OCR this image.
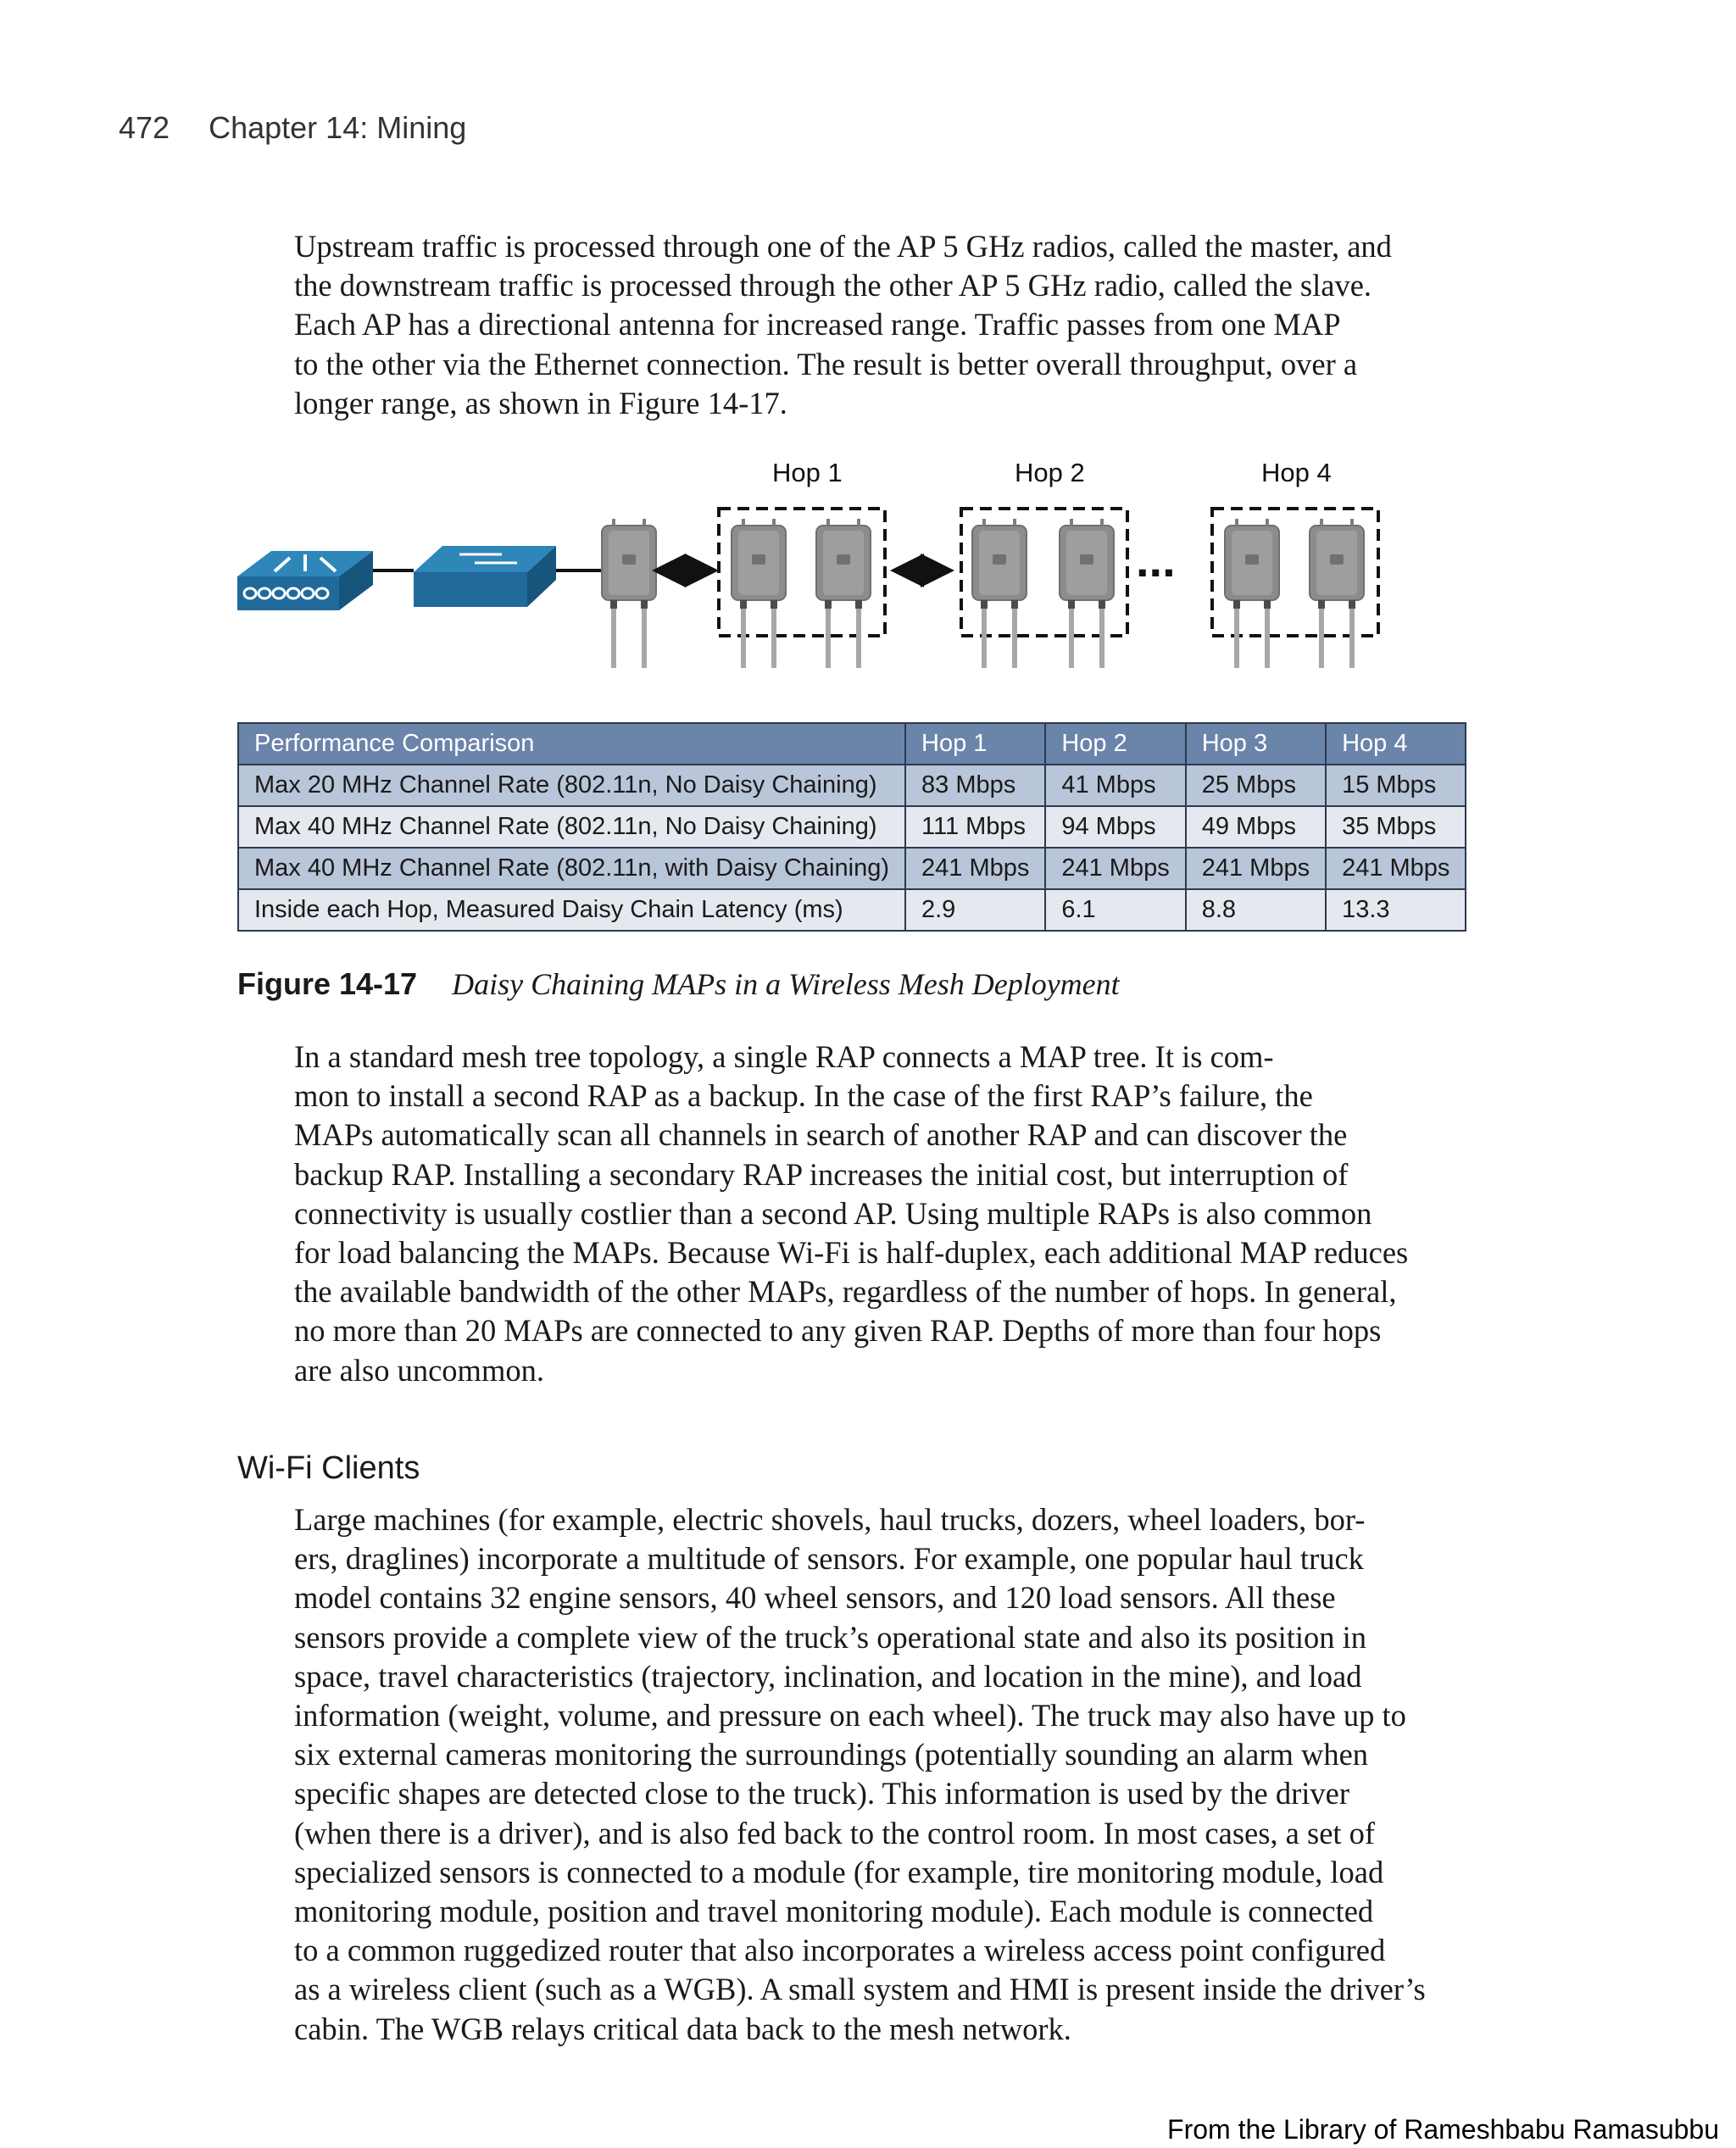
472 Chapter 14: Mining

Upstream traffic is processed through one of the AP 5 GHz radios, called the master, and
the downstream traffic is processed through the other AP 5 GHz radio, called the slave.
Each AP has a directional antenna for increased range. Traffic passes from one MAP
to the other via the Ethernet connection. The result is better overall throughput, over a
longer range, as shown in Figure 14-17.

Hop 1	Hop 2	Hop 4
...
Performance Comparison	Hop 1	Hop 2	Hop 3	Hop 4
Max 20 MHz Channel Rate (802.11n, No Daisy Chaining)	83 Mbps	41 Mbps	25 Mbps	15 Mbps
Max 40 MHz Channel Rate (802.11n, No Daisy Chaining)	111 Mbps	94 Mbps	49 Mbps	35 Mbps
Max 40 MHz Channel Rate (802.11n, with Daisy Chaining)	241 Mbps	241 Mbps	241 Mbps	241 Mbps
Inside each Hop, Measured Daisy Chain Latency (ms)	2.9	6.1	8.8	13.3
Figure 14-17 Daisy Chaining MAPs in a Wireless Mesh Deployment

In a standard mesh tree topology, a single RAP connects a MAP tree. It is com-
mon to install a second RAP as a backup. In the case of the first RAP’s failure, the
MAPs automatically scan all channels in search of another RAP and can discover the
backup RAP. Installing a secondary RAP increases the initial cost, but interruption of
connectivity is usually costlier than a second AP. Using multiple RAPs is also common
for load balancing the MAPs. Because Wi-Fi is half-duplex, each additional MAP reduces
the available bandwidth of the other MAPs, regardless of the number of hops. In general,
no more than 20 MAPs are connected to any given RAP. Depths of more than four hops
are also uncommon.

Wi-Fi Clients

Large machines (for example, electric shovels, haul trucks, dozers, wheel loaders, bor-
ers, draglines) incorporate a multitude of sensors. For example, one popular haul truck
model contains 32 engine sensors, 40 wheel sensors, and 120 load sensors. All these
sensors provide a complete view of the truck’s operational state and also its position in
space, travel characteristics (trajectory, inclination, and location in the mine), and load
information (weight, volume, and pressure on each wheel). The truck may also have up to
six external cameras monitoring the surroundings (potentially sounding an alarm when
specific shapes are detected close to the truck). This information is used by the driver
(when there is a driver), and is also fed back to the control room. In most cases, a set of
specialized sensors is connected to a module (for example, tire monitoring module, load
monitoring module, position and travel monitoring module). Each module is connected
to a common ruggedized router that also incorporates a wireless access point configured
as a wireless client (such as a WGB). A small system and HMI is present inside the driver’s
cabin. The WGB relays critical data back to the mesh network.

From the Library of Rameshbabu Ramasubbu
